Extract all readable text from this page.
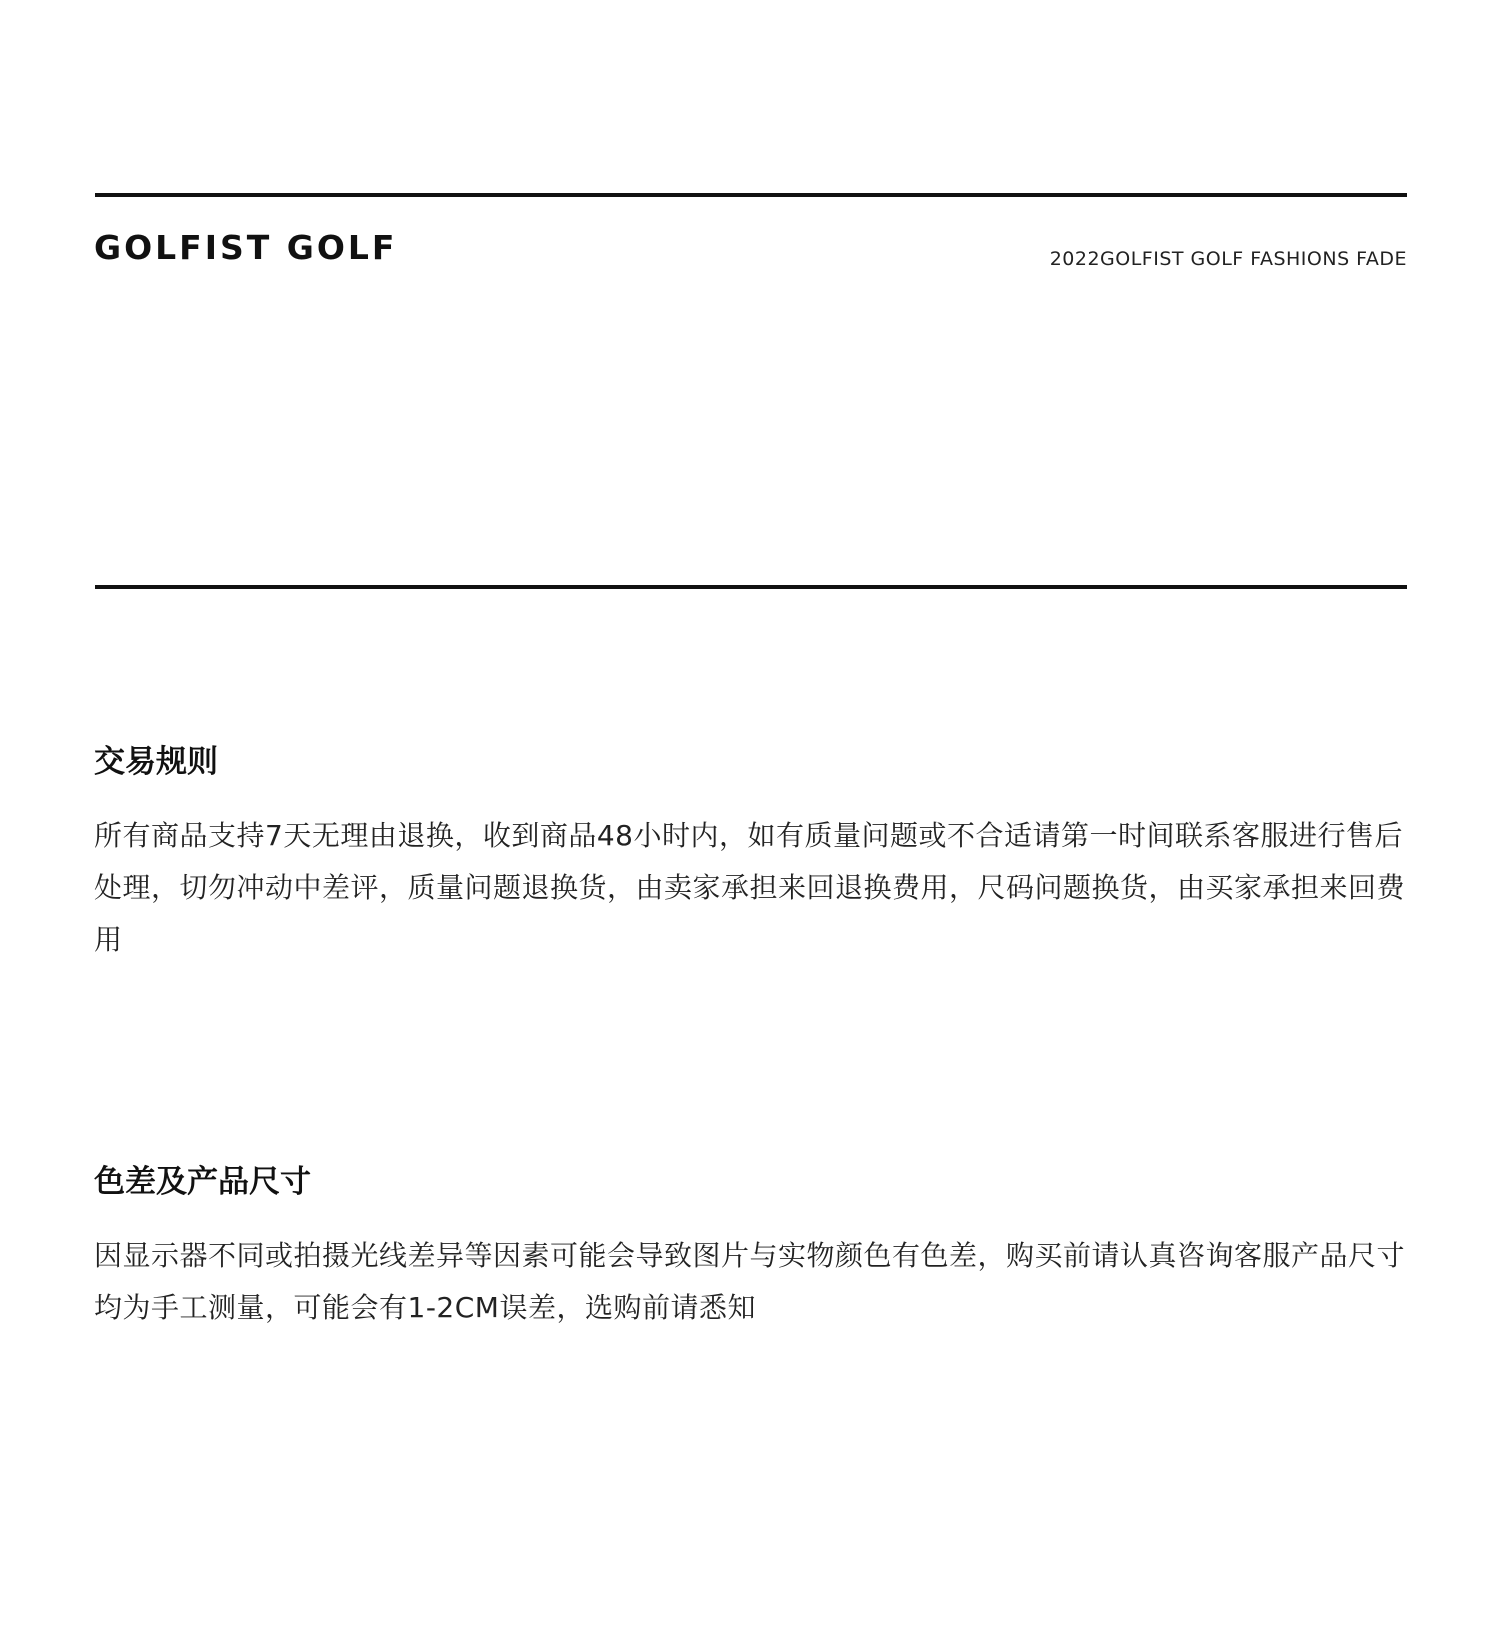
GOLFIST GOLF	2022GOLFIST GOLF FASHIONS FADE
交易规则

所有商品支持7天无理由退换，收到商品48小时内，如有质量问题或不合适请第一时间联系客服进行售后处理，切勿冲动中差评，质量问题退换货，由卖家承担来回退换费用，尺码问题换货，由买家承担来回费用

色差及产品尺寸

因显示器不同或拍摄光线差异等因素可能会导致图片与实物颜色有色差，购买前请认真咨询客服产品尺寸均为手工测量，可能会有1-2CM误差，选购前请悉知
